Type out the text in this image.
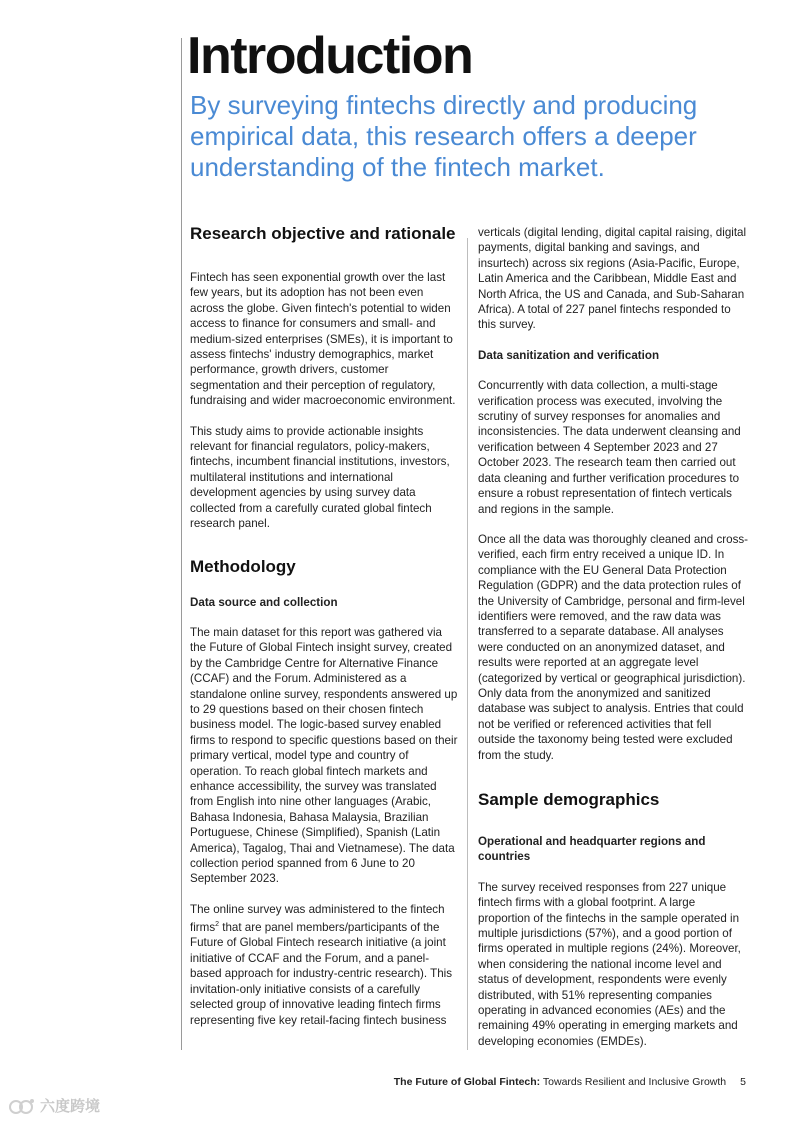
Introduction

By surveying fintechs directly and producing empirical data, this research offers a deeper understanding of the fintech market.

Research objective and rationale

Fintech has seen exponential growth over the last few years, but its adoption has not been even across the globe. Given fintech's potential to widen access to finance for consumers and small- and medium-sized enterprises (SMEs), it is important to assess fintechs' industry demographics, market performance, growth drivers, customer segmentation and their perception of regulatory, fundraising and wider macroeconomic environment.

This study aims to provide actionable insights relevant for financial regulators, policy-makers, fintechs, incumbent financial institutions, investors, multilateral institutions and international development agencies by using survey data collected from a carefully curated global fintech research panel.

Methodology
Data source and collection

The main dataset for this report was gathered via the Future of Global Fintech insight survey, created by the Cambridge Centre for Alternative Finance (CCAF) and the Forum. Administered as a standalone online survey, respondents answered up to 29 questions based on their chosen fintech business model. The logic-based survey enabled firms to respond to specific questions based on their primary vertical, model type and country of operation. To reach global fintech markets and enhance accessibility, the survey was translated from English into nine other languages (Arabic, Bahasa Indonesia, Bahasa Malaysia, Brazilian Portuguese, Chinese (Simplified), Spanish (Latin America), Tagalog, Thai and Vietnamese). The data collection period spanned from 6 June to 20 September 2023.

The online survey was administered to the fintech firms$^2$ that are panel members/participants of the Future of Global Fintech research initiative (a joint initiative of CCAF and the Forum, and a panel-based approach for industry-centric research). This invitation-only initiative consists of a carefully selected group of innovative leading fintech firms representing five key retail-facing fintech business

verticals (digital lending, digital capital raising, digital payments, digital banking and savings, and insurtech) across six regions (Asia-Pacific, Europe, Latin America and the Caribbean, Middle East and North Africa, the US and Canada, and Sub-Saharan Africa). A total of 227 panel fintechs responded to this survey.

Data sanitization and verification

Concurrently with data collection, a multi-stage verification process was executed, involving the scrutiny of survey responses for anomalies and inconsistencies. The data underwent cleansing and verification between 4 September 2023 and 27 October 2023. The research team then carried out data cleaning and further verification procedures to ensure a robust representation of fintech verticals and regions in the sample.

Once all the data was thoroughly cleaned and cross-verified, each firm entry received a unique ID. In compliance with the EU General Data Protection Regulation (GDPR) and the data protection rules of the University of Cambridge, personal and firm-level identifiers were removed, and the raw data was transferred to a separate database. All analyses were conducted on an anonymized dataset, and results were reported at an aggregate level (categorized by vertical or geographical jurisdiction). Only data from the anonymized and sanitized database was subject to analysis. Entries that could not be verified or referenced activities that fell outside the taxonomy being tested were excluded from the study.

Sample demographics
Operational and headquarter regions and countries

The survey received responses from 227 unique fintech firms with a global footprint. A large proportion of the fintechs in the sample operated in multiple jurisdictions (57%), and a good portion of firms operated in multiple regions (24%). Moreover, when considering the national income level and status of development, respondents were evenly distributed, with 51% representing companies operating in advanced economies (AEs) and the remaining 49% operating in emerging markets and developing economies (EMDEs).

The Future of Global Fintech: Towards Resilient and Inclusive Growth 5
六度跨境
